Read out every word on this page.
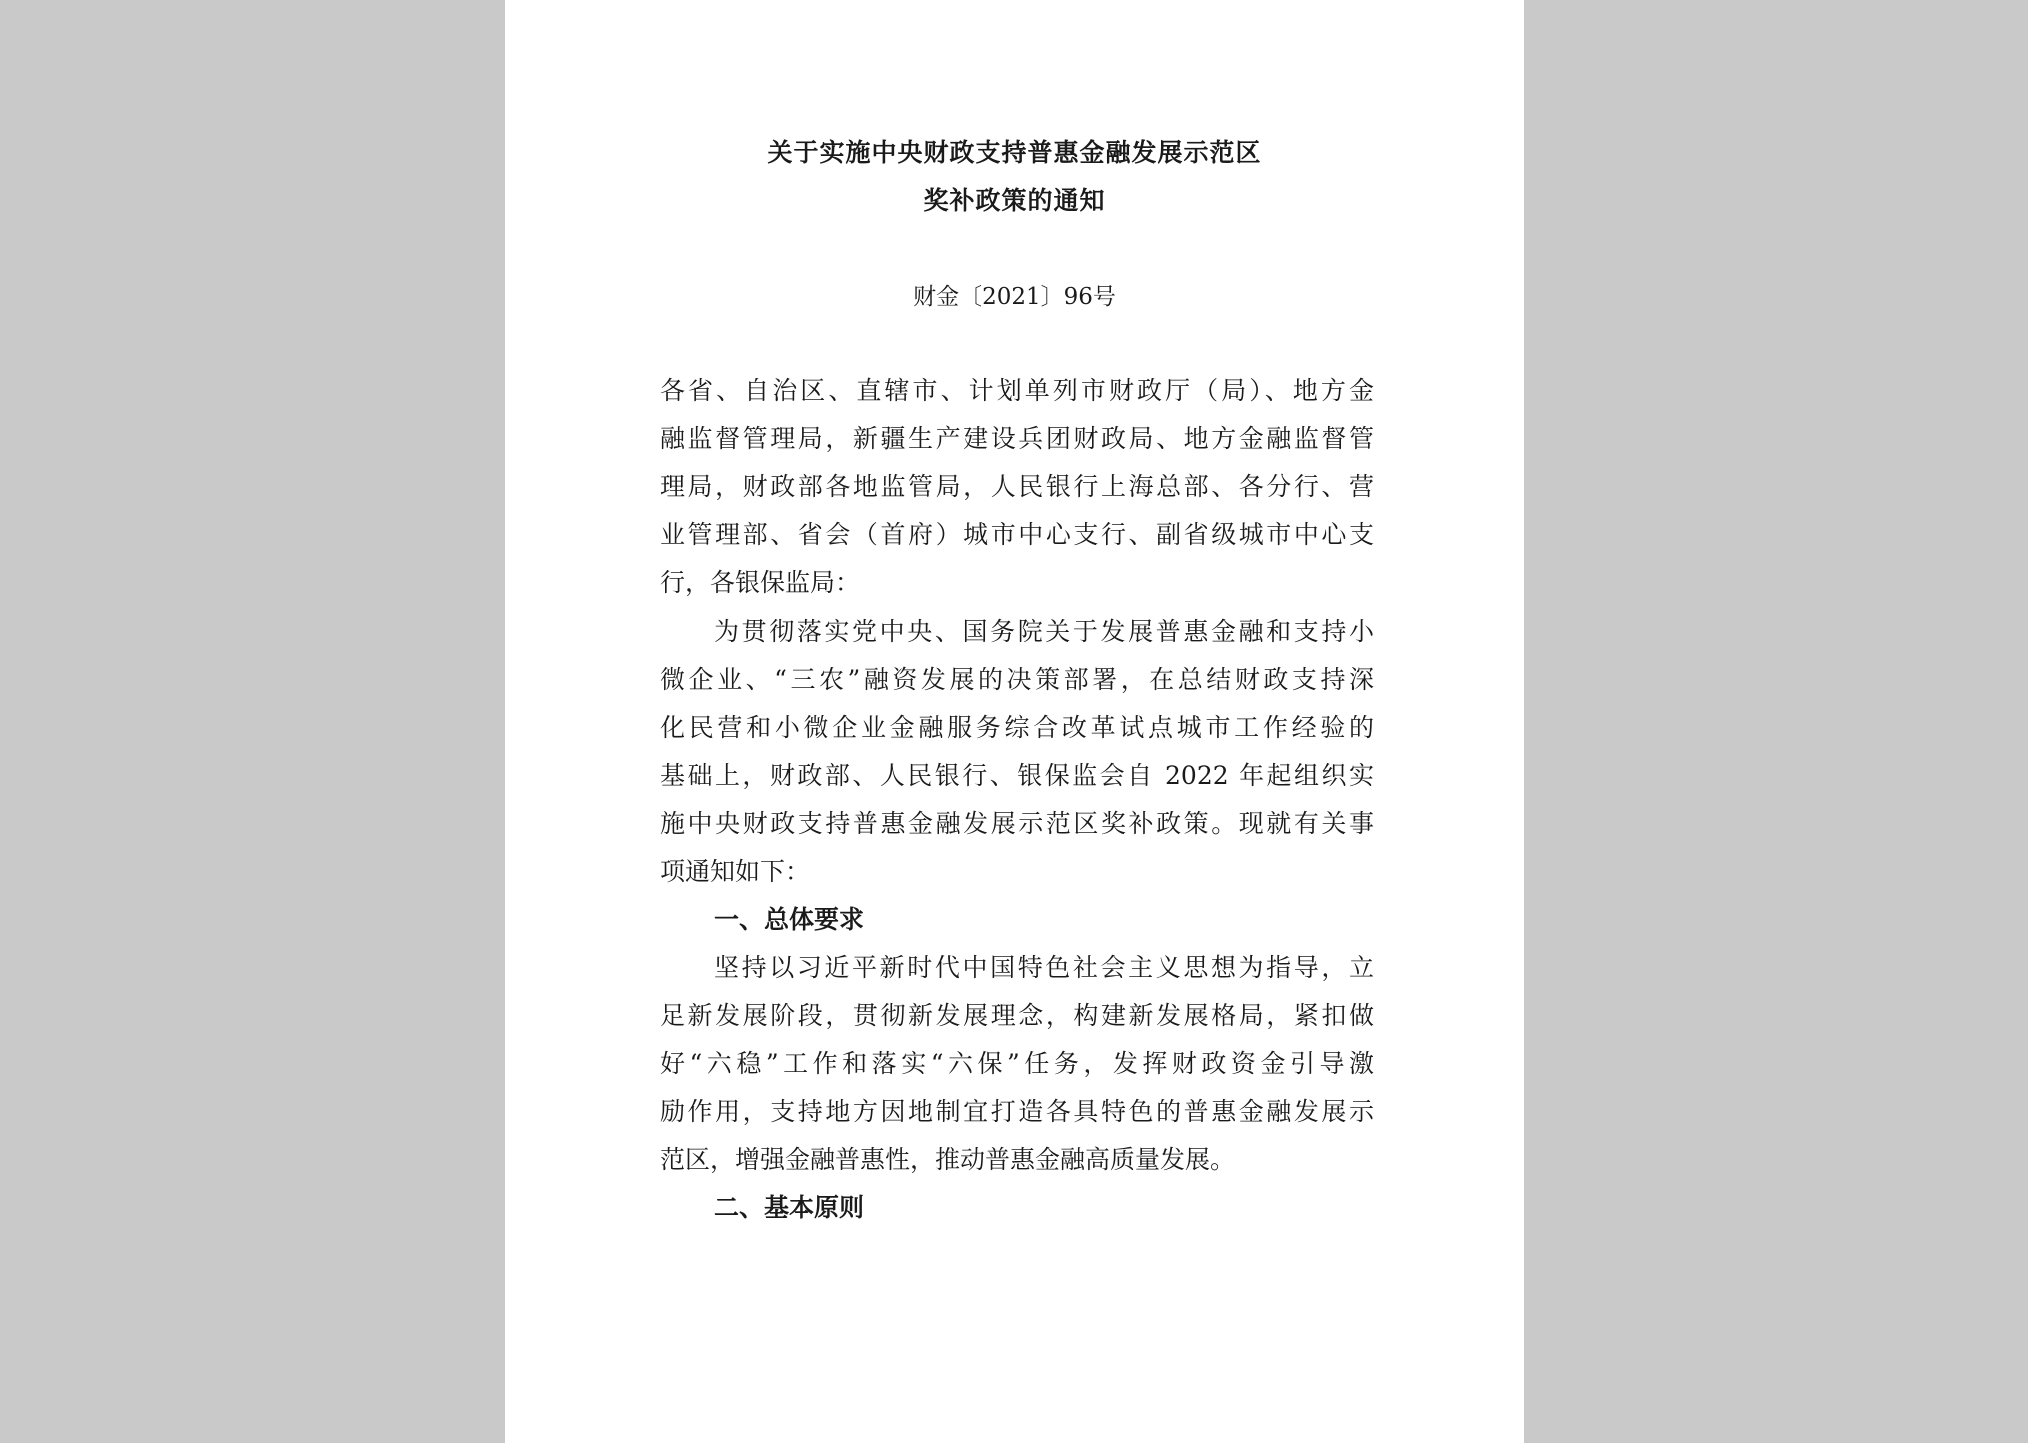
关于实施中央财政支持普惠金融发展示范区
奖补政策的通知
财金〔2021〕96号
各省、自治区、直辖市、计划单列市财政厅（局）、地方金
融监督管理局，新疆生产建设兵团财政局、地方金融监督管
理局，财政部各地监管局，人民银行上海总部、各分行、营
业管理部、省会（首府）城市中心支行、副省级城市中心支
行，各银保监局：
为贯彻落实党中央、国务院关于发展普惠金融和支持小
微企业、“三农”融资发展的决策部署，在总结财政支持深
化民营和小微企业金融服务综合改革试点城市工作经验的
基础上，财政部、人民银行、银保监会自 2022 年起组织实
施中央财政支持普惠金融发展示范区奖补政策。现就有关事
项通知如下：
一、总体要求
坚持以习近平新时代中国特色社会主义思想为指导，立
足新发展阶段，贯彻新发展理念，构建新发展格局，紧扣做
好“六稳”工作和落实“六保”任务，发挥财政资金引导激
励作用，支持地方因地制宜打造各具特色的普惠金融发展示
范区，增强金融普惠性，推动普惠金融高质量发展。
二、基本原则
